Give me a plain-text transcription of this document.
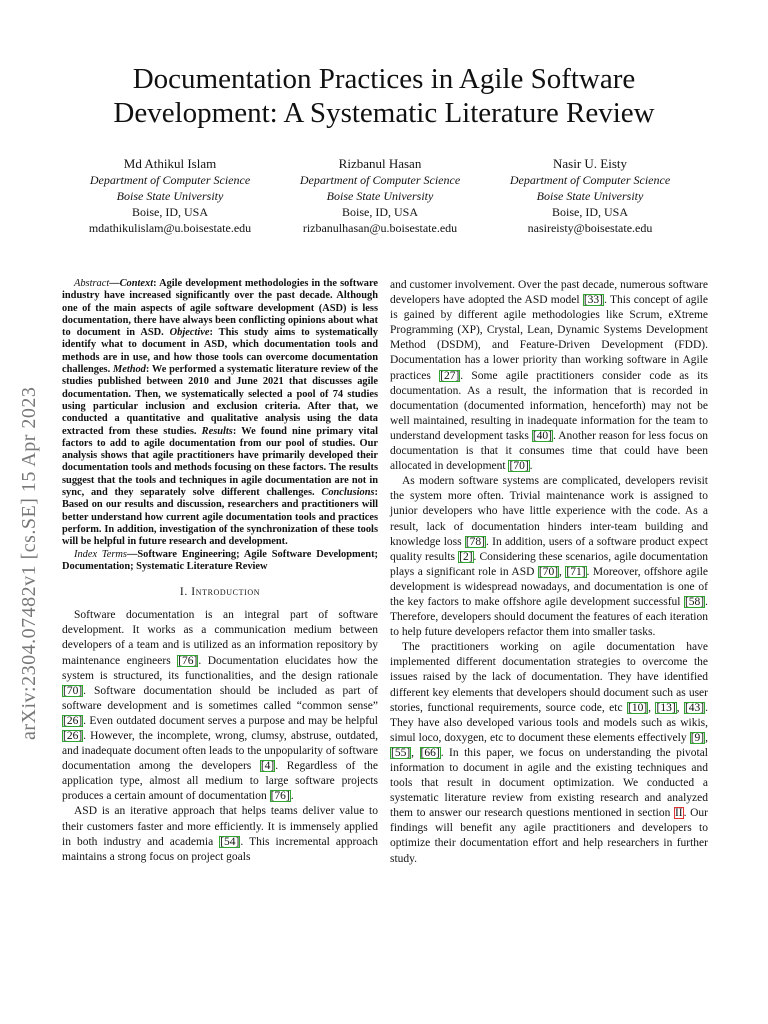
Documentation Practices in Agile Software Development: A Systematic Literature Review
Md Athikul Islam
Department of Computer Science
Boise State University
Boise, ID, USA
mdathikulislam@u.boisestate.edu
Rizbanul Hasan
Department of Computer Science
Boise State University
Boise, ID, USA
rizbanulhasan@u.boisestate.edu
Nasir U. Eisty
Department of Computer Science
Boise State University
Boise, ID, USA
nasireisty@boisestate.edu
arXiv:2304.07482v1 [cs.SE] 15 Apr 2023

Abstract—Context: Agile development methodologies in the software industry have increased significantly over the past decade. Although one of the main aspects of agile software development (ASD) is less documentation, there have always been conflicting opinions about what to document in ASD. Objective: This study aims to systematically identify what to document in ASD, which documentation tools and methods are in use, and how those tools can overcome documentation challenges. Method: We performed a systematic literature review of the studies published between 2010 and June 2021 that discusses agile documentation. Then, we systematically selected a pool of 74 studies using particular inclusion and exclusion criteria. After that, we conducted a quantitative and qualitative analysis using the data extracted from these studies. Results: We found nine primary vital factors to add to agile documentation from our pool of studies. Our analysis shows that agile practitioners have primarily developed their documentation tools and methods focusing on these factors. The results suggest that the tools and techniques in agile documentation are not in sync, and they separately solve different challenges. Conclusions: Based on our results and discussion, researchers and practitioners will better understand how current agile documentation tools and practices perform. In addition, investigation of the synchronization of these tools will be helpful in future research and development.

Index Terms—Software Engineering; Agile Software Development; Documentation; Systematic Literature Review

I. Introduction

Software documentation is an integral part of software development. It works as a communication medium between developers of a team and is utilized as an information repository by maintenance engineers [76]. Documentation elucidates how the system is structured, its functionalities, and the design rationale [70]. Software documentation should be included as part of software development and is sometimes called “common sense” [26]. Even outdated document serves a purpose and may be helpful [26]. However, the incomplete, wrong, clumsy, abstruse, outdated, and inadequate document often leads to the unpopularity of software documentation among the developers [4]. Regardless of the application type, almost all medium to large software projects produces a certain amount of documentation [76].

ASD is an iterative approach that helps teams deliver value to their customers faster and more efficiently. It is immensely applied in both industry and academia [54]. This incremental approach maintains a strong focus on project goals

and customer involvement. Over the past decade, numerous software developers have adopted the ASD model [33]. This concept of agile is gained by different agile methodologies like Scrum, eXtreme Programming (XP), Crystal, Lean, Dynamic Systems Development Method (DSDM), and Feature-Driven Development (FDD). Documentation has a lower priority than working software in Agile practices [27]. Some agile practitioners consider code as its documentation. As a result, the information that is recorded in documentation (documented information, henceforth) may not be well maintained, resulting in inadequate information for the team to understand development tasks [40]. Another reason for less focus on documentation is that it consumes time that could have been allocated in development [70].

As modern software systems are complicated, developers revisit the system more often. Trivial maintenance work is assigned to junior developers who have little experience with the code. As a result, lack of documentation hinders inter-team building and knowledge loss [78]. In addition, users of a software product expect quality results [2]. Considering these scenarios, agile documentation plays a significant role in ASD [70], [71]. Moreover, offshore agile development is widespread nowadays, and documentation is one of the key factors to make offshore agile development successful [58]. Therefore, developers should document the features of each iteration to help future developers refactor them into smaller tasks.

The practitioners working on agile documentation have implemented different documentation strategies to overcome the issues raised by the lack of documentation. They have identified different key elements that developers should document such as user stories, functional requirements, source code, etc [10], [13], [43]. They have also developed various tools and models such as wikis, simul loco, doxygen, etc to document these elements effectively [9], [55], [66]. In this paper, we focus on understanding the pivotal information to document in agile and the existing techniques and tools that result in document optimization. We conducted a systematic literature review from existing research and analyzed them to answer our research questions mentioned in section II. Our findings will benefit any agile practitioners and developers to optimize their documentation effort and help researchers in further study.
